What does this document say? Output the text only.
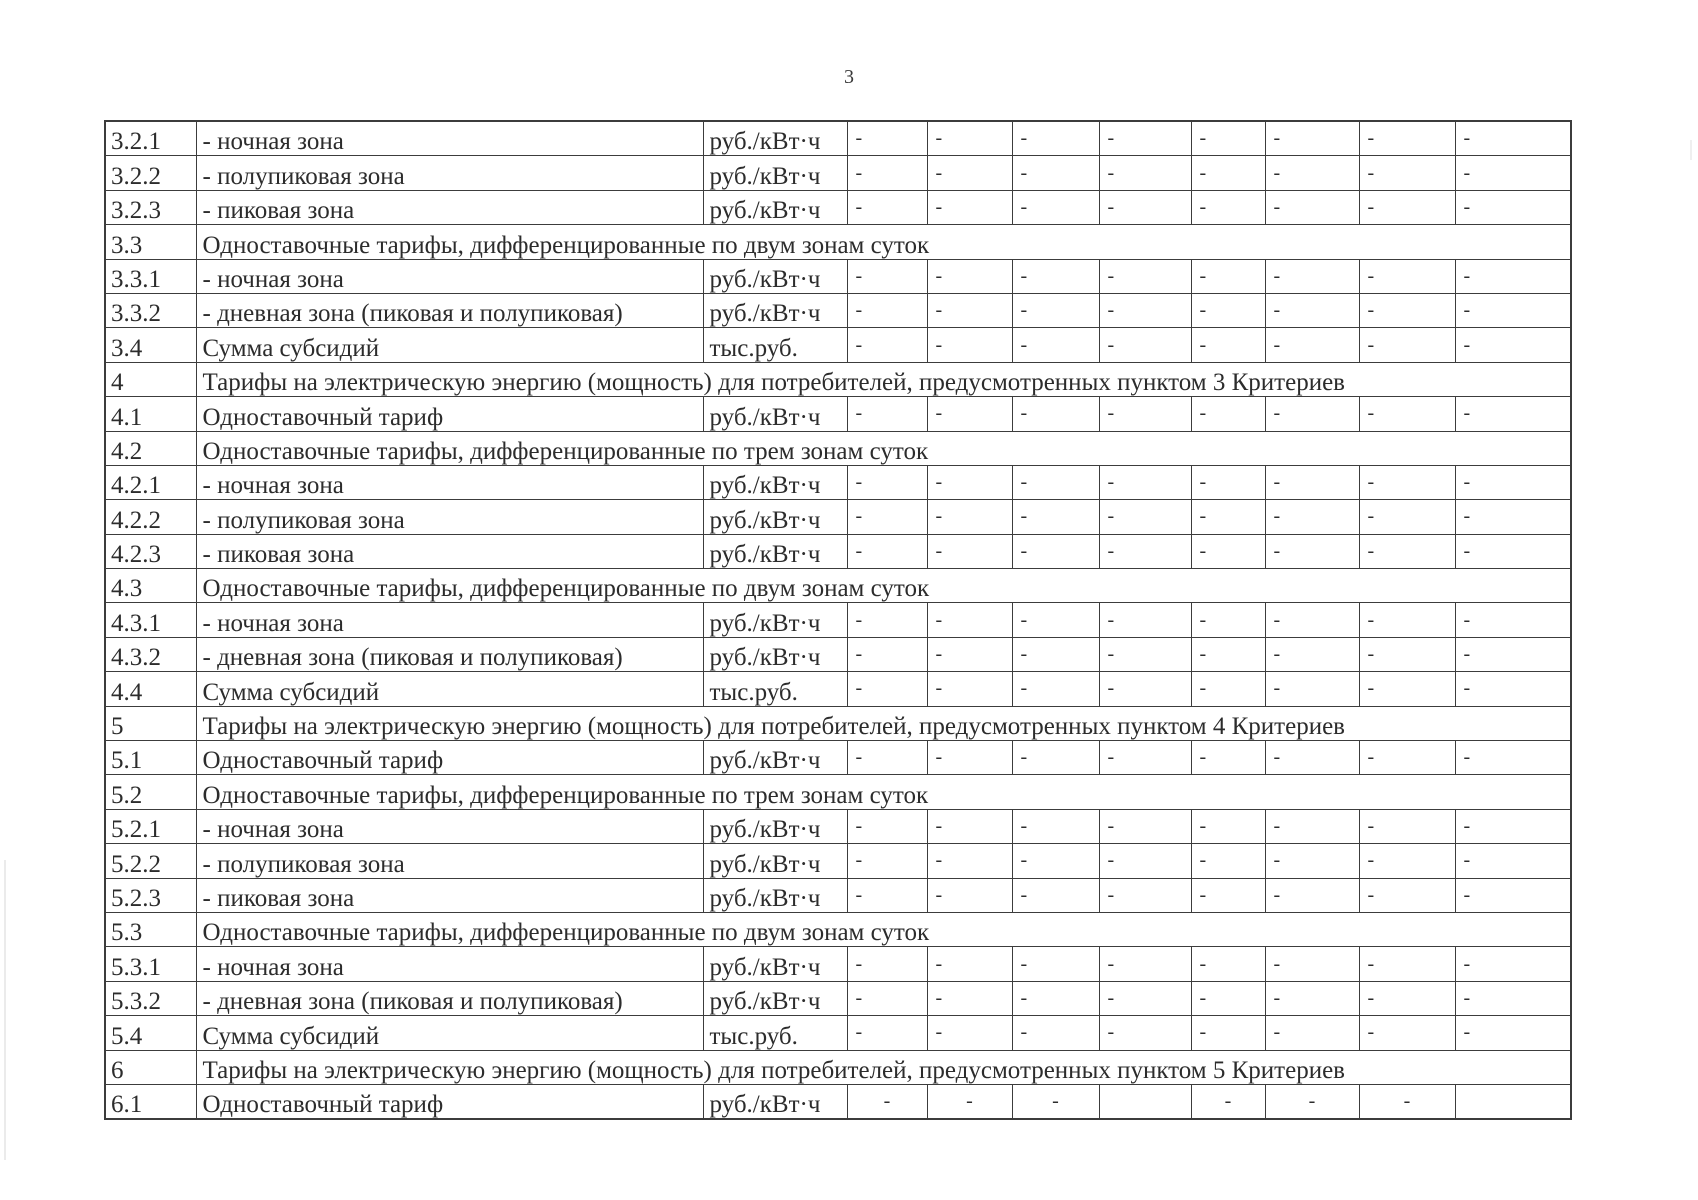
3
3.2.1	- ночная зона	руб./кВт·ч	-	-	-	-	-	-	-	-
3.2.2	- полупиковая зона	руб./кВт·ч	-	-	-	-	-	-	-	-
3.2.3	- пиковая зона	руб./кВт·ч	-	-	-	-	-	-	-	-
3.3	Одноставочные тарифы, дифференцированные по двум зонам суток									
3.3.1	- ночная зона	руб./кВт·ч	-	-	-	-	-	-	-	-
3.3.2	- дневная зона (пиковая и полупиковая)	руб./кВт·ч	-	-	-	-	-	-	-	-
3.4	Сумма субсидий	тыс.руб.	-	-	-	-	-	-	-	-
4	Тарифы на электрическую энергию (мощность) для потребителей, предусмотренных пунктом 3 Критериев									
4.1	Одноставочный тариф	руб./кВт·ч	-	-	-	-	-	-	-	-
4.2	Одноставочные тарифы, дифференцированные по трем зонам суток									
4.2.1	- ночная зона	руб./кВт·ч	-	-	-	-	-	-	-	-
4.2.2	- полупиковая зона	руб./кВт·ч	-	-	-	-	-	-	-	-
4.2.3	- пиковая зона	руб./кВт·ч	-	-	-	-	-	-	-	-
4.3	Одноставочные тарифы, дифференцированные по двум зонам суток									
4.3.1	- ночная зона	руб./кВт·ч	-	-	-	-	-	-	-	-
4.3.2	- дневная зона (пиковая и полупиковая)	руб./кВт·ч	-	-	-	-	-	-	-	-
4.4	Сумма субсидий	тыс.руб.	-	-	-	-	-	-	-	-
5	Тарифы на электрическую энергию (мощность) для потребителей, предусмотренных пунктом 4 Критериев									
5.1	Одноставочный тариф	руб./кВт·ч	-	-	-	-	-	-	-	-
5.2	Одноставочные тарифы, дифференцированные по трем зонам суток									
5.2.1	- ночная зона	руб./кВт·ч	-	-	-	-	-	-	-	-
5.2.2	- полупиковая зона	руб./кВт·ч	-	-	-	-	-	-	-	-
5.2.3	- пиковая зона	руб./кВт·ч	-	-	-	-	-	-	-	-
5.3	Одноставочные тарифы, дифференцированные по двум зонам суток									
5.3.1	- ночная зона	руб./кВт·ч	-	-	-	-	-	-	-	-
5.3.2	- дневная зона (пиковая и полупиковая)	руб./кВт·ч	-	-	-	-	-	-	-	-
5.4	Сумма субсидий	тыс.руб.	-	-	-	-	-	-	-	-
6	Тарифы на электрическую энергию (мощность) для потребителей, предусмотренных пунктом 5 Критериев									
6.1	Одноставочный тариф	руб./кВт·ч	-	-	-		-	-	-	
